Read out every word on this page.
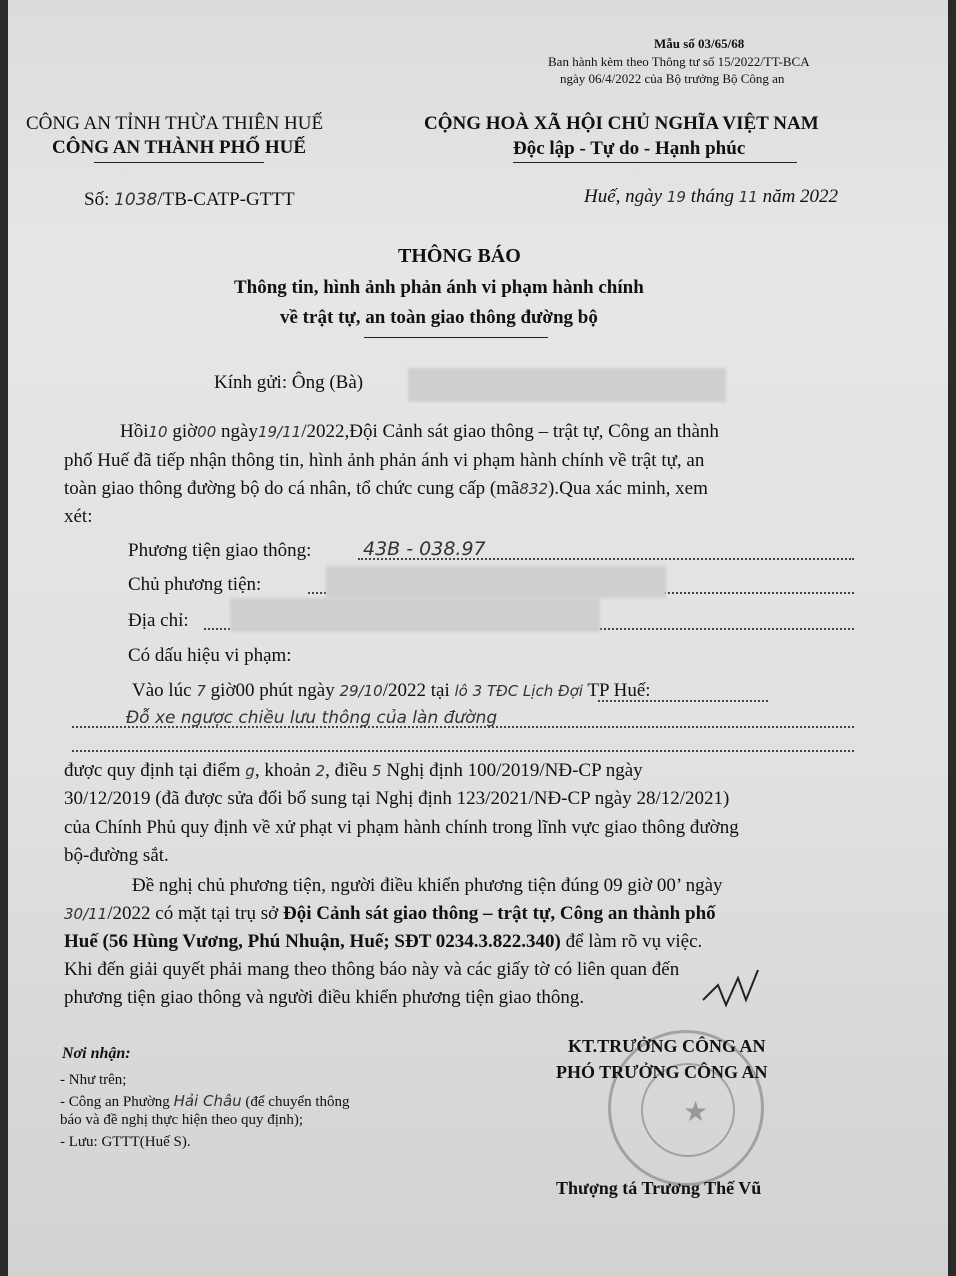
Mẫu số 03/65/68
Ban hành kèm theo Thông tư số 15/2022/TT-BCA
ngày 06/4/2022 của Bộ trưởng Bộ Công an
CÔNG AN TỈNH THỪA THIÊN HUẾ
CÔNG AN THÀNH PHỐ HUẾ
CỘNG HOÀ XÃ HỘI CHỦ NGHĨA VIỆT NAM
Độc lập - Tự do - Hạnh phúc
Số: 1038/TB-CATP-GTTT	Huế, ngày 19 tháng 11 năm 2022
THÔNG BÁO
Thông tin, hình ảnh phản ánh vi phạm hành chính
về trật tự, an toàn giao thông đường bộ
Kính gửi: Ông (Bà)
Hồi10 giờ00 ngày19/11/2022,Đội Cảnh sát giao thông – trật tự, Công an thành
phố Huế đã tiếp nhận thông tin, hình ảnh phản ánh vi phạm hành chính về trật tự, an
toàn giao thông đường bộ do cá nhân, tổ chức cung cấp (mã832).Qua xác minh, xem
xét:
Phương tiện giao thông:	43B - 038.97
Chủ phương tiện:
Địa chỉ:
Có dấu hiệu vi phạm:
Vào lúc 7 giờ00 phút ngày 29/10/2022 tại lô 3 TĐC Lịch Đợi TP Huế:
Đỗ xe ngược chiều lưu thông của làn đường
được quy định tại điểm g, khoản 2, điều 5 Nghị định 100/2019/NĐ-CP ngày
30/12/2019 (đã được sửa đổi bổ sung tại Nghị định 123/2021/NĐ-CP ngày 28/12/2021)
của Chính Phủ quy định về xử phạt vi phạm hành chính trong lĩnh vực giao thông đường
bộ-đường sắt.
Đề nghị chủ phương tiện, người điều khiển phương tiện đúng 09 giờ 00’ ngày
30/11/2022 có mặt tại trụ sở Đội Cảnh sát giao thông – trật tự, Công an thành phố
Huế (56 Hùng Vương, Phú Nhuận, Huế; SĐT 0234.3.822.340) để làm rõ vụ việc.
Khi đến giải quyết phải mang theo thông báo này và các giấy tờ có liên quan đến
phương tiện giao thông và người điều khiển phương tiện giao thông.
Nơi nhận:
- Như trên;
- Công an Phường Hải Châu (để chuyển thông
báo và đề nghị thực hiện theo quy định);
- Lưu: GTTT(Huế S).
★
KT.TRƯỞNG CÔNG AN
PHÓ TRƯỞNG CÔNG AN
Thượng tá Trương Thế Vũ
